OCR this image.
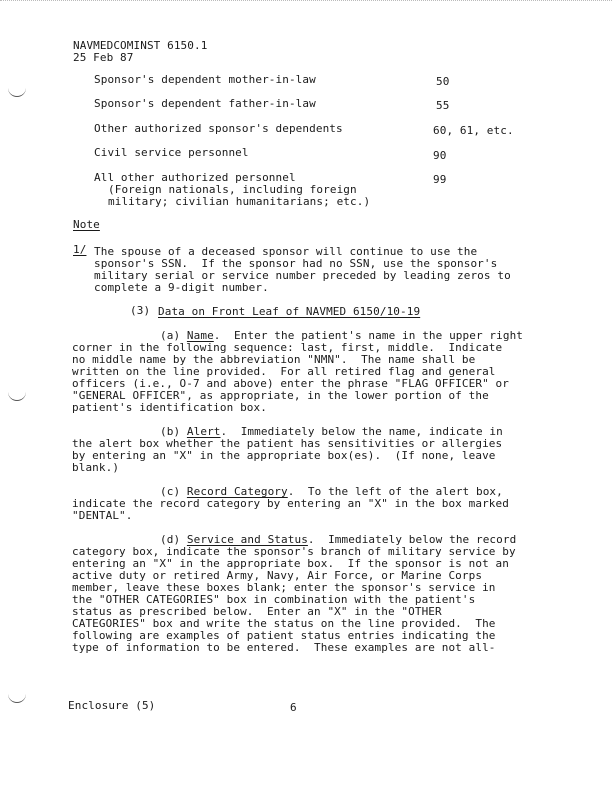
NAVMEDCOMINST 6150.1
25 Feb 87
Sponsor's dependent mother-in-law	50
Sponsor's dependent father-in-law	55
Other authorized sponsor's dependents	60, 61, etc.
Civil service personnel	90
All other authorized personnel	99
(Foreign nationals, including foreign
military; civilian humanitarians; etc.)
Note
1/ The spouse of a deceased sponsor will continue to use the
sponsor's SSN.  If the sponsor had no SSN, use the sponsor's
military serial or service number preceded by leading zeros to
complete a 9-digit number.
(3) Data on Front Leaf of NAVMED 6150/10-19
(a) Name.  Enter the patient's name in the upper right
corner in the following sequence: last, first, middle.  Indicate
no middle name by the abbreviation "NMN".  The name shall be
written on the line provided.  For all retired flag and general
officers (i.e., O-7 and above) enter the phrase "FLAG OFFICER" or
"GENERAL OFFICER", as appropriate, in the lower portion of the
patient's identification box.
(b) Alert.  Immediately below the name, indicate in
the alert box whether the patient has sensitivities or allergies
by entering an "X" in the appropriate box(es).  (If none, leave
blank.)
(c) Record Category.  To the left of the alert box,
indicate the record category by entering an "X" in the box marked
"DENTAL".
(d) Service and Status.  Immediately below the record
category box, indicate the sponsor's branch of military service by
entering an "X" in the appropriate box.  If the sponsor is not an
active duty or retired Army, Navy, Air Force, or Marine Corps
member, leave these boxes blank; enter the sponsor's service in
the "OTHER CATEGORIES" box in combination with the patient's
status as prescribed below.  Enter an "X" in the "OTHER
CATEGORIES" box and write the status on the line provided.  The
following are examples of patient status entries indicating the
type of information to be entered.  These examples are not all-
Enclosure (5)	6
